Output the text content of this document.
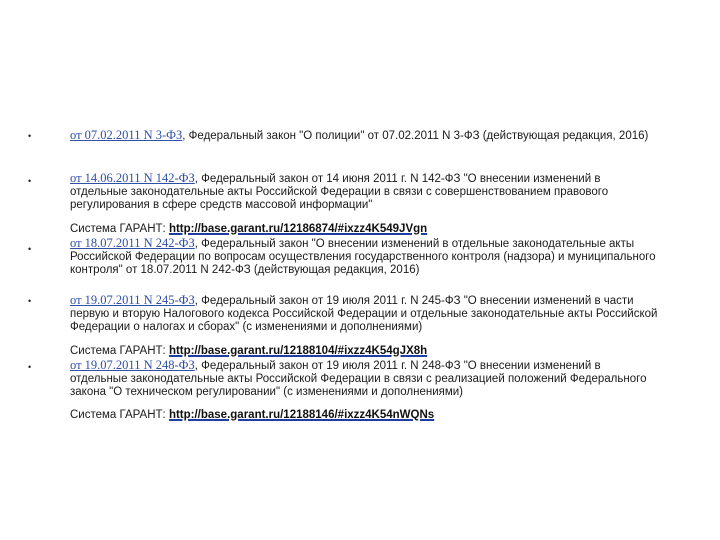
•	от 07.02.2011 N 3-ФЗ, Федеральный закон "О полиции" от 07.02.2011 N 3-ФЗ (действующая редакция, 2016)
•	от 14.06.2011 N 142-ФЗ, Федеральный закон от 14 июня 2011 г. N 142-ФЗ "О внесении изменений в отдельные законодательные акты Российской Федерации в связи с совершенствованием правового регулирования в сфере средств массовой информации"
Система ГАРАНТ: http://base.garant.ru/12186874/#ixzz4K549JVgn
•	от 18.07.2011 N 242-ФЗ, Федеральный закон "О внесении изменений в отдельные законодательные акты Российской Федерации по вопросам осуществления государственного контроля (надзора) и муниципального контроля" от 18.07.2011 N 242-ФЗ (действующая редакция, 2016)
•	от 19.07.2011 N 245-ФЗ, Федеральный закон от 19 июля 2011 г. N 245-ФЗ "О внесении изменений в части первую и вторую Налогового кодекса Российской Федерации и отдельные законодательные акты Российской Федерации о налогах и сборах" (с изменениями и дополнениями)
Система ГАРАНТ: http://base.garant.ru/12188104/#ixzz4K54gJX8h
•	от 19.07.2011 N 248-ФЗ, Федеральный закон от 19 июля 2011 г. N 248-ФЗ "О внесении изменений в отдельные законодательные акты Российской Федерации в связи с реализацией положений Федерального закона "О техническом регулировании" (с изменениями и дополнениями)
Система ГАРАНТ: http://base.garant.ru/12188146/#ixzz4K54nWQNs
